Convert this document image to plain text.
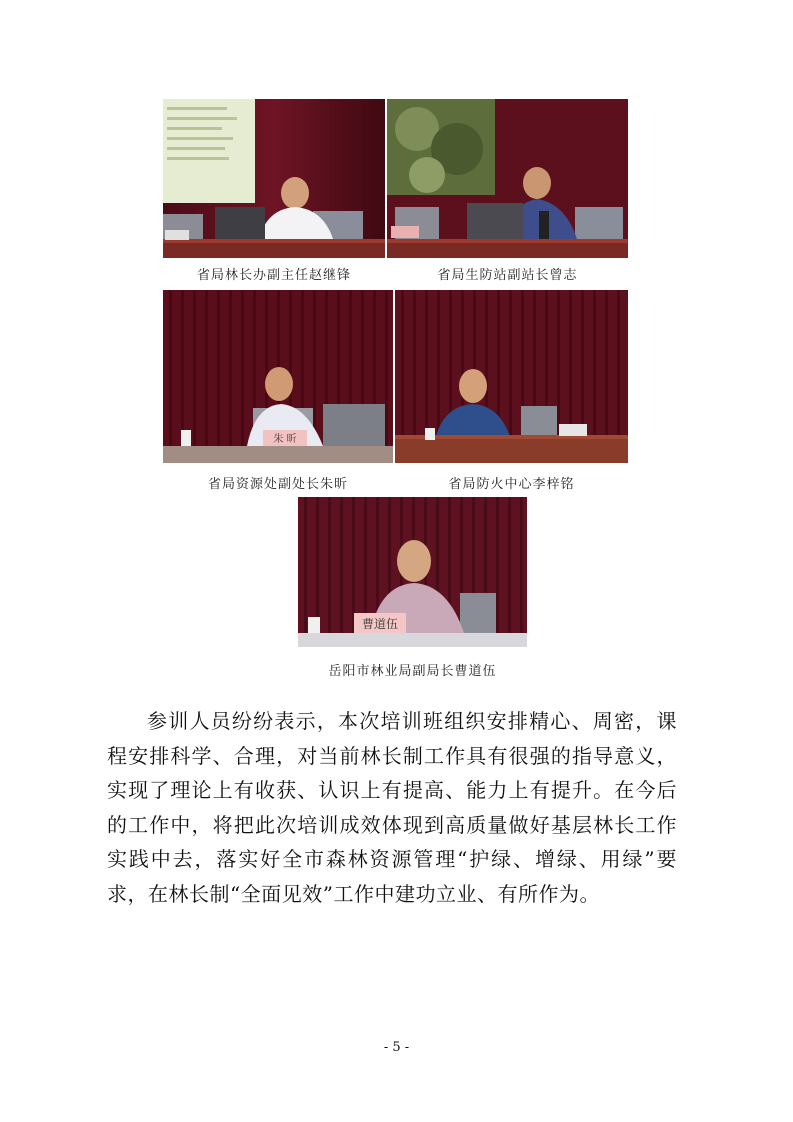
省局林长办副主任赵继锋	省局生防站副站长曾志
朱 昕
省局资源处副处长朱昕	省局防火中心李梓铭
曹道伍
岳阳市林业局副局长曹道伍

参训人员纷纷表示，本次培训班组织安排精心、周密，课程安排科学、合理，对当前林长制工作具有很强的指导意义，实现了理论上有收获、认识上有提高、能力上有提升。在今后的工作中，将把此次培训成效体现到高质量做好基层林长工作实践中去，落实好全市森林资源管理“护绿、增绿、用绿”要求，在林长制“全面见效”工作中建功立业、有所作为。

- 5 -
